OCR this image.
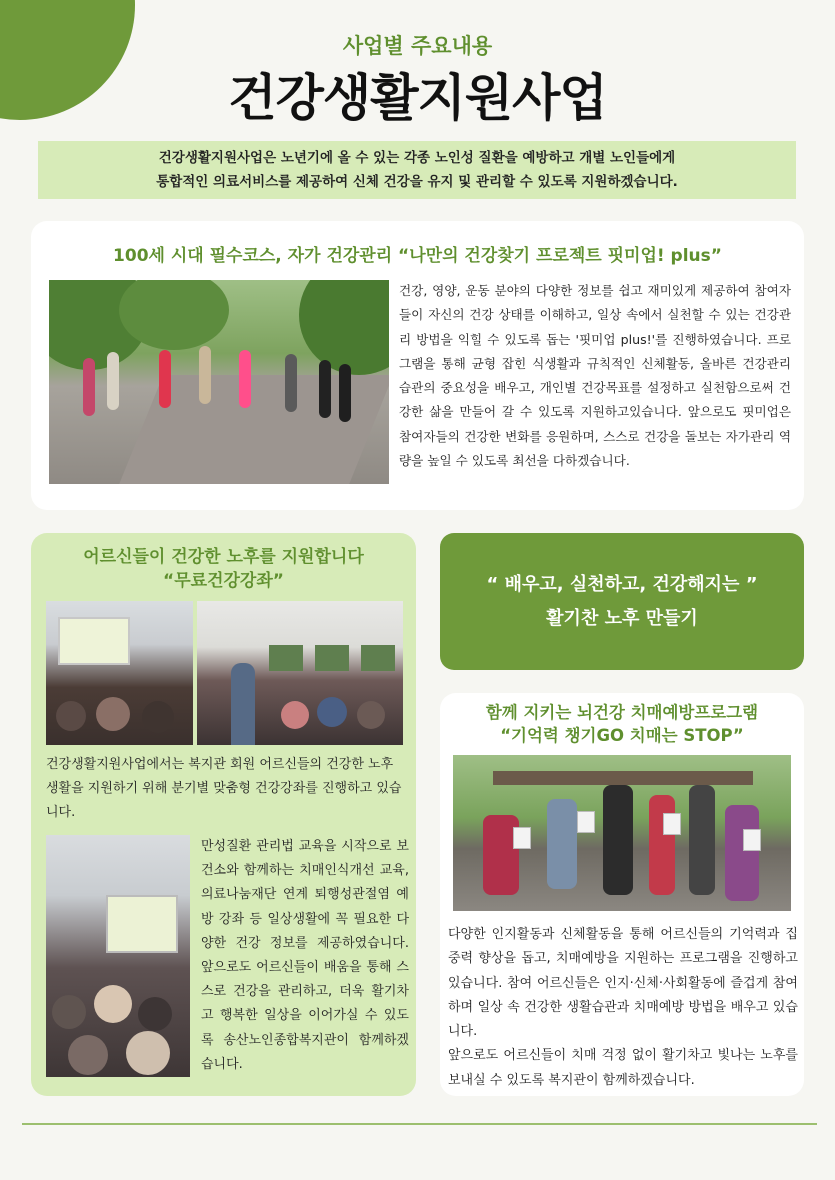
사업별 주요내용
건강생활지원사업
건강생활지원사업은 노년기에 올 수 있는 각종 노인성 질환을 예방하고 개별 노인들에게
통합적인 의료서비스를 제공하여 신체 건강을 유지 및 관리할 수 있도록 지원하겠습니다.
100세 시대 필수코스, 자가 건강관리 “나만의 건강찾기 프로젝트 핏미업! plus”
건강, 영양, 운동 분야의 다양한 정보를 쉽고 재미있게 제공하여 참여자들이 자신의 건강 상태를 이해하고, 일상 속에서 실천할 수 있는 건강관리 방법을 익힐 수 있도록 돕는 '핏미업 plus!'를 진행하였습니다. 프로그램을 통해 균형 잡힌 식생활과 규칙적인 신체활동, 올바른 건강관리 습관의 중요성을 배우고, 개인별 건강목표를 설정하고 실천함으로써 건강한 삶을 만들어 갈 수 있도록 지원하고있습니다. 앞으로도 핏미업은 참여자들의 건강한 변화를 응원하며, 스스로 건강을 돌보는 자가관리 역량을 높일 수 있도록 최선을 다하겠습니다.
어르신들이 건강한 노후를 지원합니다
“무료건강강좌”
건강생활지원사업에서는 복지관 회원 어르신들의 건강한 노후 생활을 지원하기 위해 분기별 맞춤형 건강강좌를 진행하고 있습니다.
만성질환 관리법 교육을 시작으로 보건소와 함께하는 치매인식개선 교육, 의료나눔재단 연계 퇴행성관절염 예방 강좌 등 일상생활에 꼭 필요한 다양한 건강 정보를 제공하였습니다. 앞으로도 어르신들이 배움을 통해 스스로 건강을 관리하고, 더욱 활기차고 행복한 일상을 이어가실 수 있도록 송산노인종합복지관이 함께하겠습니다.
“ 배우고, 실천하고, 건강해지는 ”
활기찬 노후 만들기
함께 지키는 뇌건강 치매예방프로그램
“기억력 챙기GO 치매는 STOP”
다양한 인지활동과 신체활동을 통해 어르신들의 기억력과 집중력 향상을 돕고, 치매예방을 지원하는 프로그램을 진행하고 있습니다. 참여 어르신들은 인지·신체·사회활동에 즐겁게 참여하며 일상 속 건강한 생활습관과 치매예방 방법을 배우고 있습니다.
앞으로도 어르신들이 치매 걱정 없이 활기차고 빛나는 노후를 보내실 수 있도록 복지관이 함께하겠습니다.
